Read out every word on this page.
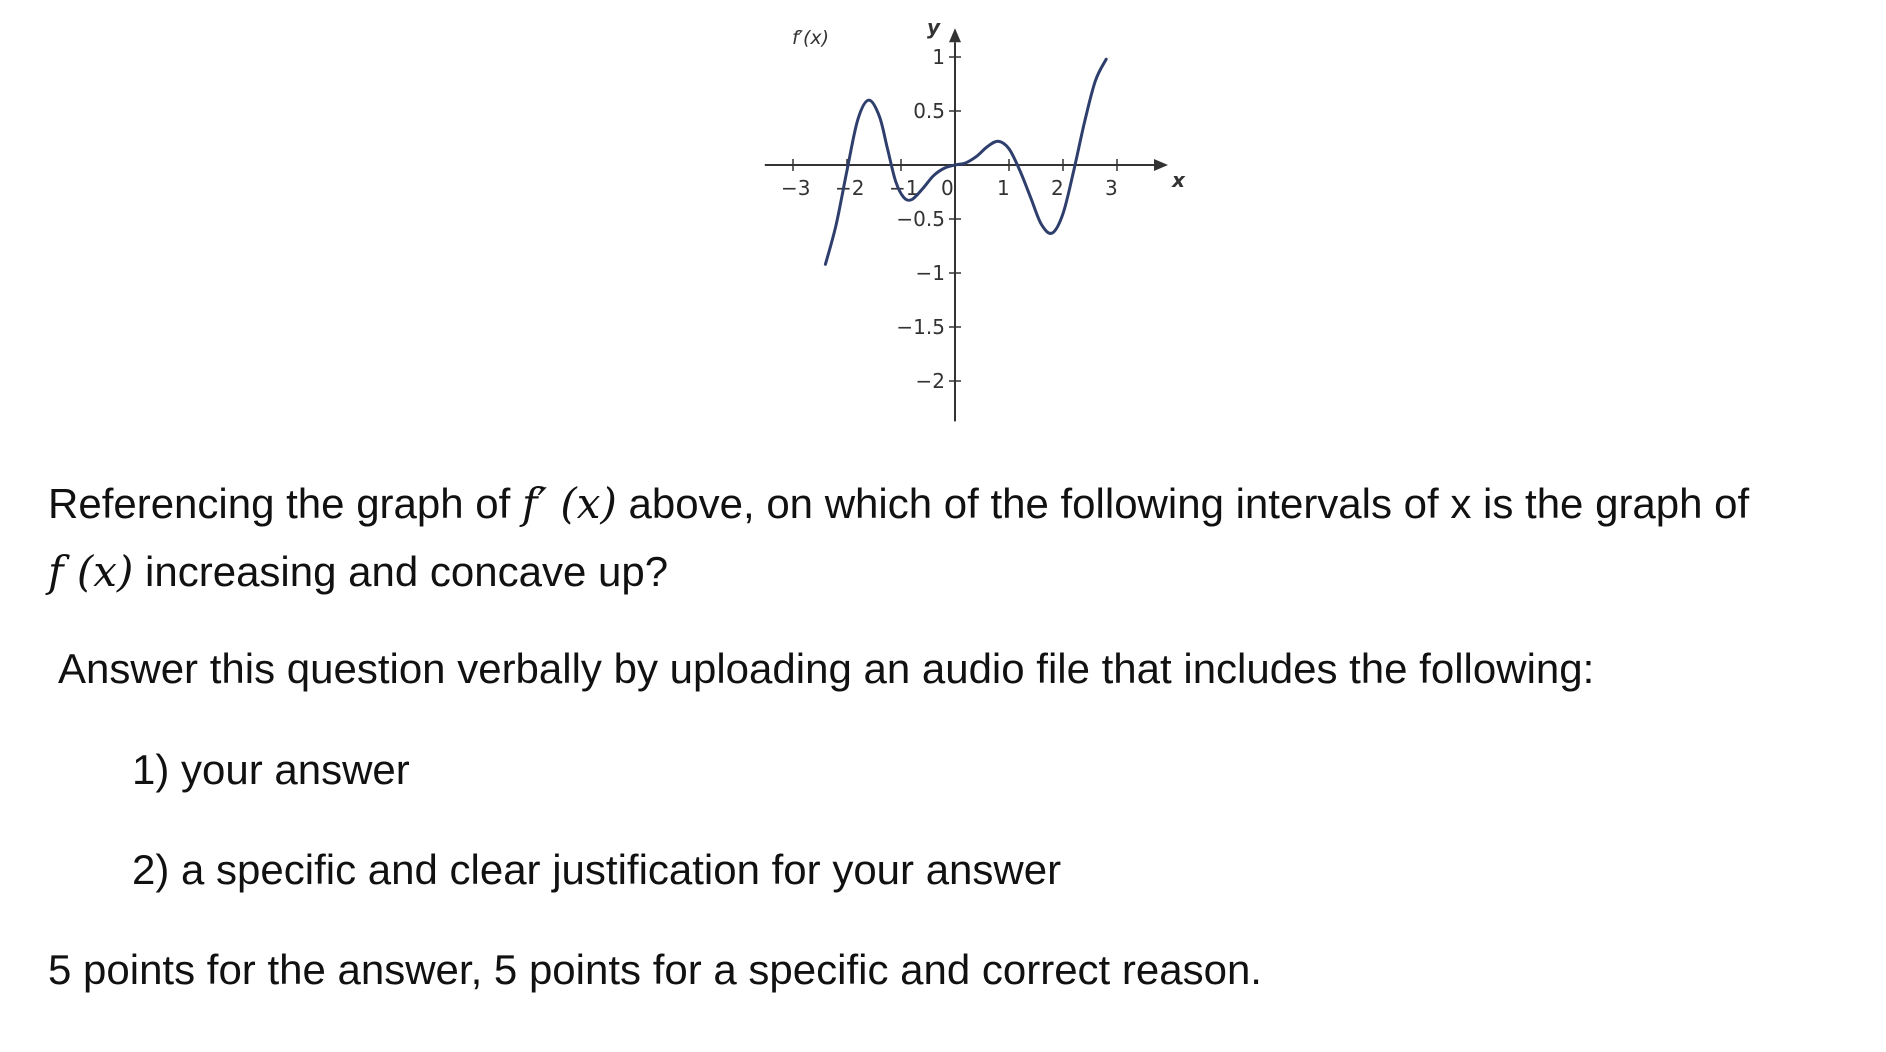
f′(x)
x
y
−3 −2 −1 0 1 2 3
1
0.5
−0.5
−1
−1.5
−2

Referencing the graph of f′ (x) above, on which of the following intervals of x is the graph of

f (x) increasing and concave up?

Answer this question verbally by uploading an audio file that includes the following:

1) your answer

2) a specific and clear justification for your answer

5 points for the answer, 5 points for a specific and correct reason.
